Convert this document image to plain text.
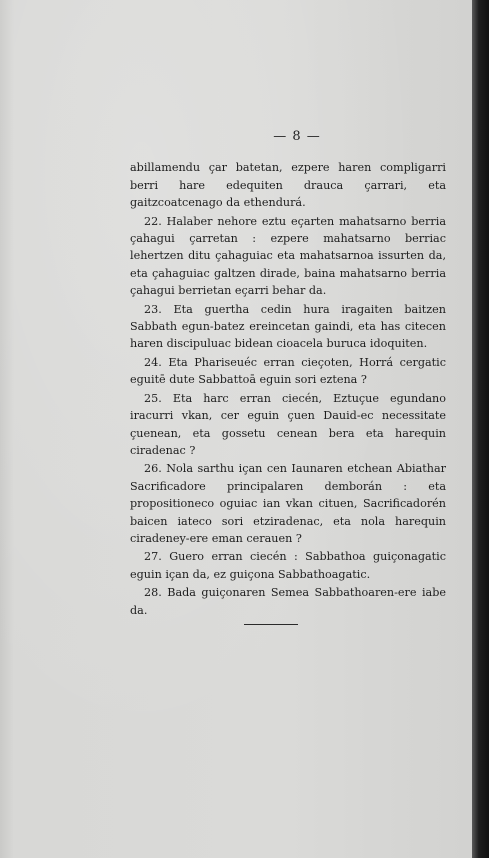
— 8 —

abillamendu çar batetan, ezpere haren compligarri berri hare edequiten drauca çarrari, eta gaitzcoatcenago da ethendurá.

22. Halaber nehore eztu eçarten mahatsarno berria çahagui çarretan : ezpere mahatsarno berriac lehertzen ditu çahaguiac eta mahatsarnoa issurten da, eta çahaguiac galtzen dirade, baina mahatsarno berria çahagui berrietan eçarri behar da.

23. Eta guertha cedin hura iragaiten baitzen Sabbath egun-batez ereincetan gaindi, eta has citecen haren discipuluac bidean cioacela buruca idoquiten.

24. Eta Phariseuéc erran cieçoten, Horrá cergatic eguitē dute Sabbattoā eguin sori eztena ?

25. Eta harc erran ciecén, Eztuçue egundano iracurri vkan, cer eguin çuen Dauid-ec necessitate çuenean, eta gossetu cenean bera eta harequin ciradenac ?

26. Nola sarthu içan cen Iaunaren etchean Abiathar Sacrificadore principalaren demborán : eta propositioneco oguiac ian vkan cituen, Sacrificadorén baicen iateco sori etziradenac, eta nola harequin ciradeney-ere eman cerauen ?

27. Guero erran ciecén : Sabbathoa guiçonagatic eguin içan da, ez guiçona Sabbathoagatic.

28. Bada guiçonaren Semea Sabbathoaren-ere iabe da.
